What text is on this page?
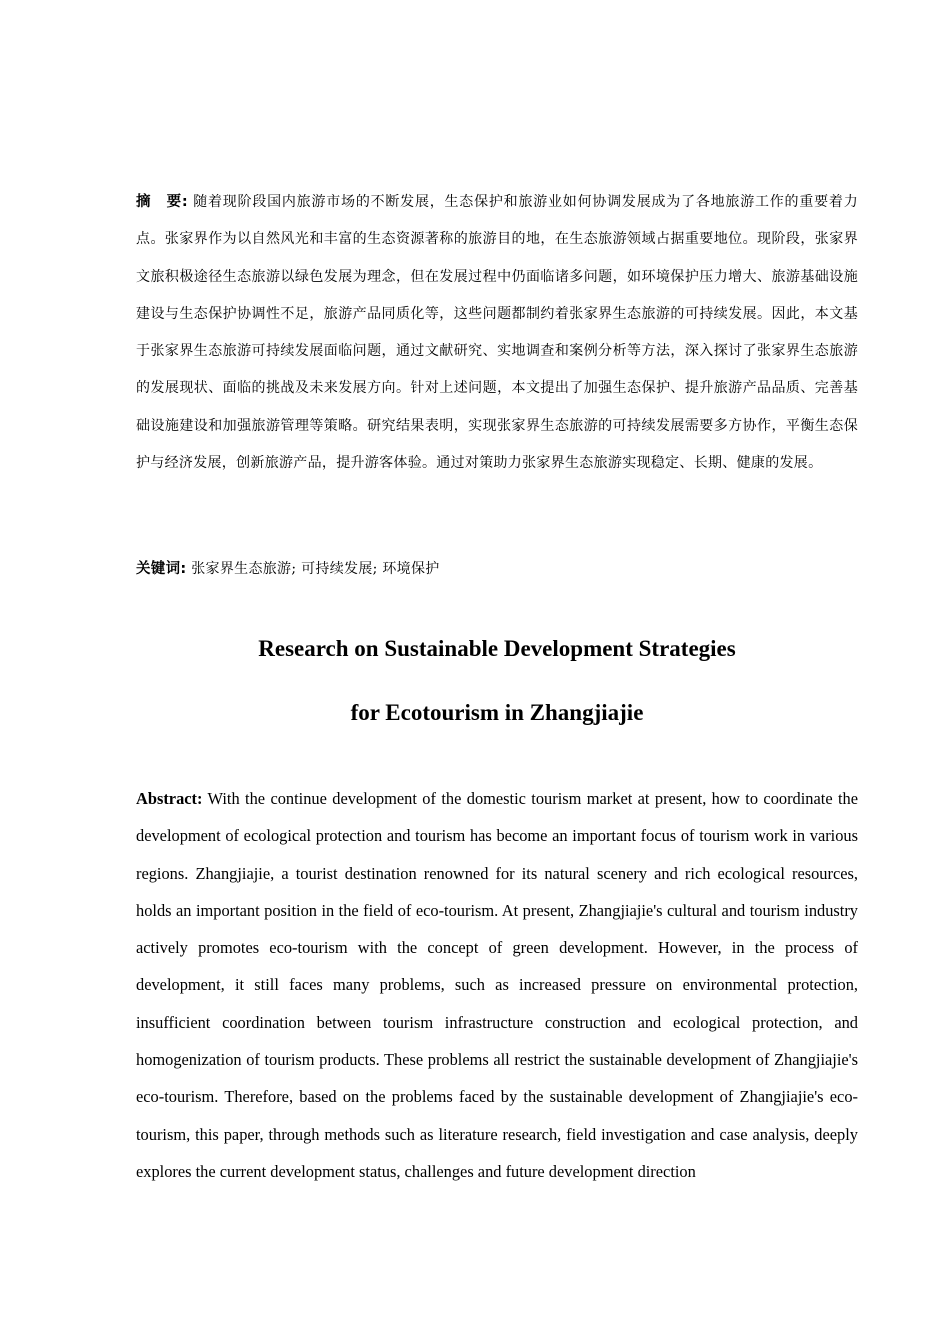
摘　要: 随着现阶段国内旅游市场的不断发展，生态保护和旅游业如何协调发展成为了各地旅游工作的重要着力点。张家界作为以自然风光和丰富的生态资源著称的旅游目的地，在生态旅游领域占据重要地位。现阶段，张家界文旅积极途径生态旅游以绿色发展为理念，但在发展过程中仍面临诸多问题，如环境保护压力增大、旅游基础设施建设与生态保护协调性不足，旅游产品同质化等，这些问题都制约着张家界生态旅游的可持续发展。因此，本文基于张家界生态旅游可持续发展面临问题，通过文献研究、实地调查和案例分析等方法，深入探讨了张家界生态旅游的发展现状、面临的挑战及未来发展方向。针对上述问题，本文提出了加强生态保护、提升旅游产品品质、完善基础设施建设和加强旅游管理等策略。研究结果表明，实现张家界生态旅游的可持续发展需要多方协作，平衡生态保护与经济发展，创新旅游产品，提升游客体验。通过对策助力张家界生态旅游实现稳定、长期、健康的发展。

关键词: 张家界生态旅游; 可持续发展; 环境保护

Research on Sustainable Development Strategies
for Ecotourism in Zhangjiajie

Abstract: With the continue development of the domestic tourism market at present, how to coordinate the development of ecological protection and tourism has become an important focus of tourism work in various regions. Zhangjiajie, a tourist destination renowned for its natural scenery and rich ecological resources, holds an important position in the field of eco-tourism. At present, Zhangjiajie's cultural and tourism industry actively promotes eco-tourism with the concept of green development. However, in the process of development, it still faces many problems, such as increased pressure on environmental protection, insufficient coordination between tourism infrastructure construction and ecological protection, and homogenization of tourism products. These problems all restrict the sustainable development of Zhangjiajie's eco-tourism. Therefore, based on the problems faced by the sustainable development of Zhangjiajie's eco-tourism, this paper, through methods such as literature research, field investigation and case analysis, deeply explores the current development status, challenges and future development direction
